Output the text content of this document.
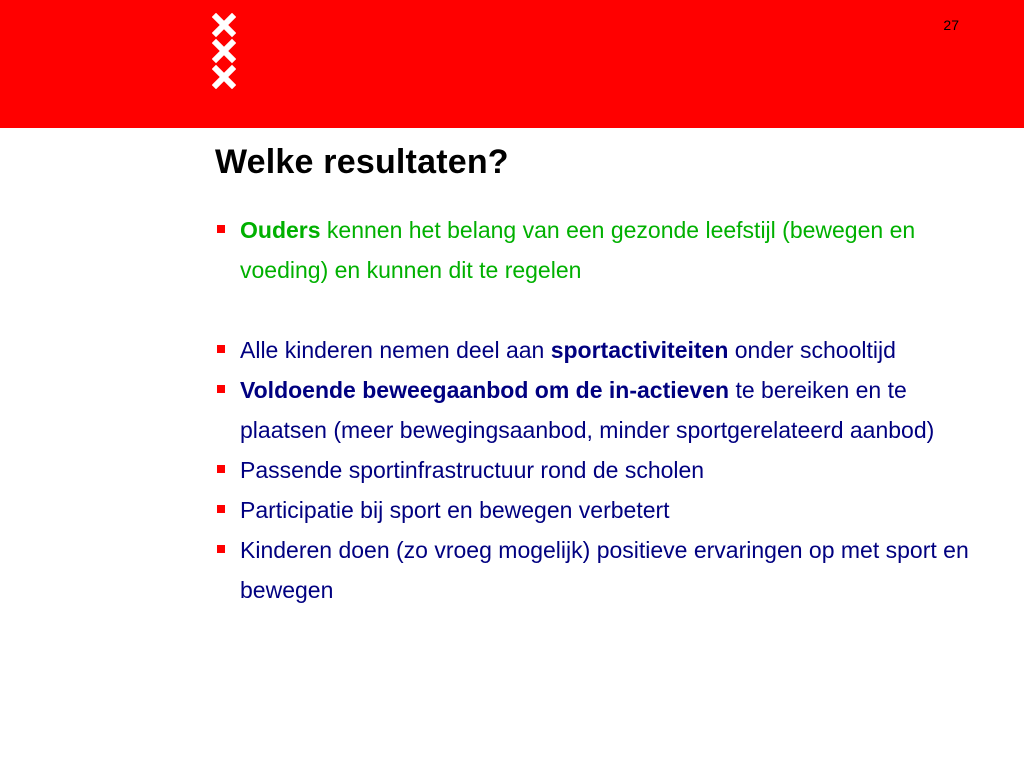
27
Welke resultaten?
Ouders kennen het belang van een gezonde leefstijl (bewegen en voeding) en kunnen dit te regelen
Alle kinderen nemen deel aan sportactiviteiten onder schooltijd
Voldoende beweegaanbod om de in-actieven te bereiken en te plaatsen (meer bewegingsaanbod, minder sportgerelateerd aanbod)
Passende sportinfrastructuur rond de scholen
Participatie bij sport en bewegen verbetert
Kinderen doen (zo vroeg mogelijk) positieve ervaringen op met sport en bewegen
